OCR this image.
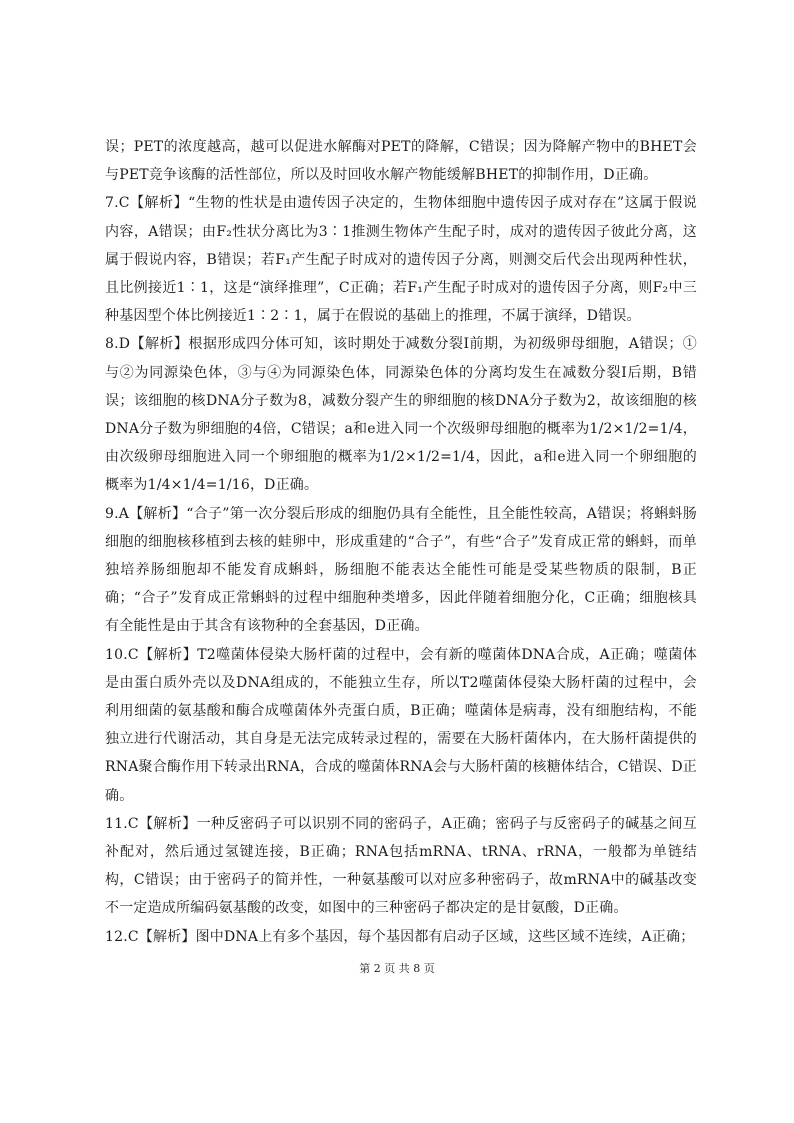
误；PET的浓度越高，越可以促进水解酶对PET的降解，C错误；因为降解产物中的BHET会与PET竞争该酶的活性部位，所以及时回收水解产物能缓解BHET的抑制作用，D正确。

7.C【解析】“生物的性状是由遗传因子决定的，生物体细胞中遗传因子成对存在”这属于假说内容，A错误；由F₂性状分离比为3∶1推测生物体产生配子时，成对的遗传因子彼此分离，这属于假说内容，B错误；若F₁产生配子时成对的遗传因子分离，则测交后代会出现两种性状，且比例接近1∶1，这是“演绎推理”，C正确；若F₁产生配子时成对的遗传因子分离，则F₂中三种基因型个体比例接近1∶2∶1，属于在假说的基础上的推理，不属于演绎，D错误。

8.D【解析】根据形成四分体可知，该时期处于减数分裂Ⅰ前期，为初级卵母细胞，A错误；①与②为同源染色体，③与④为同源染色体，同源染色体的分离均发生在减数分裂Ⅰ后期，B错误；该细胞的核DNA分子数为8，减数分裂产生的卵细胞的核DNA分子数为2，故该细胞的核DNA分子数为卵细胞的4倍，C错误；a和e进入同一个次级卵母细胞的概率为1/2×1/2=1/4，由次级卵母细胞进入同一个卵细胞的概率为1/2×1/2=1/4，因此，a和e进入同一个卵细胞的概率为1/4×1/4=1/16，D正确。

9.A【解析】“合子”第一次分裂后形成的细胞仍具有全能性，且全能性较高，A错误；将蝌蚪肠细胞的细胞核移植到去核的蛙卵中，形成重建的“合子”，有些“合子”发育成正常的蝌蚪，而单独培养肠细胞却不能发育成蝌蚪，肠细胞不能表达全能性可能是受某些物质的限制，B正确；“合子”发育成正常蝌蚪的过程中细胞种类增多，因此伴随着细胞分化，C正确；细胞核具有全能性是由于其含有该物种的全套基因，D正确。

10.C【解析】T2噬菌体侵染大肠杆菌的过程中，会有新的噬菌体DNA合成，A正确；噬菌体是由蛋白质外壳以及DNA组成的，不能独立生存，所以T2噬菌体侵染大肠杆菌的过程中，会利用细菌的氨基酸和酶合成噬菌体外壳蛋白质，B正确；噬菌体是病毒，没有细胞结构，不能独立进行代谢活动，其自身是无法完成转录过程的，需要在大肠杆菌体内，在大肠杆菌提供的RNA聚合酶作用下转录出RNA，合成的噬菌体RNA会与大肠杆菌的核糖体结合，C错误、D正确。

11.C【解析】一种反密码子可以识别不同的密码子，A正确；密码子与反密码子的碱基之间互补配对，然后通过氢键连接，B正确；RNA包括mRNA、tRNA、rRNA，一般都为单链结构，C错误；由于密码子的简并性，一种氨基酸可以对应多种密码子，故mRNA中的碱基改变不一定造成所编码氨基酸的改变，如图中的三种密码子都决定的是甘氨酸，D正确。

12.C【解析】图中DNA上有多个基因，每个基因都有启动子区域，这些区域不连续，A正确；

第 2 页 共 8 页
